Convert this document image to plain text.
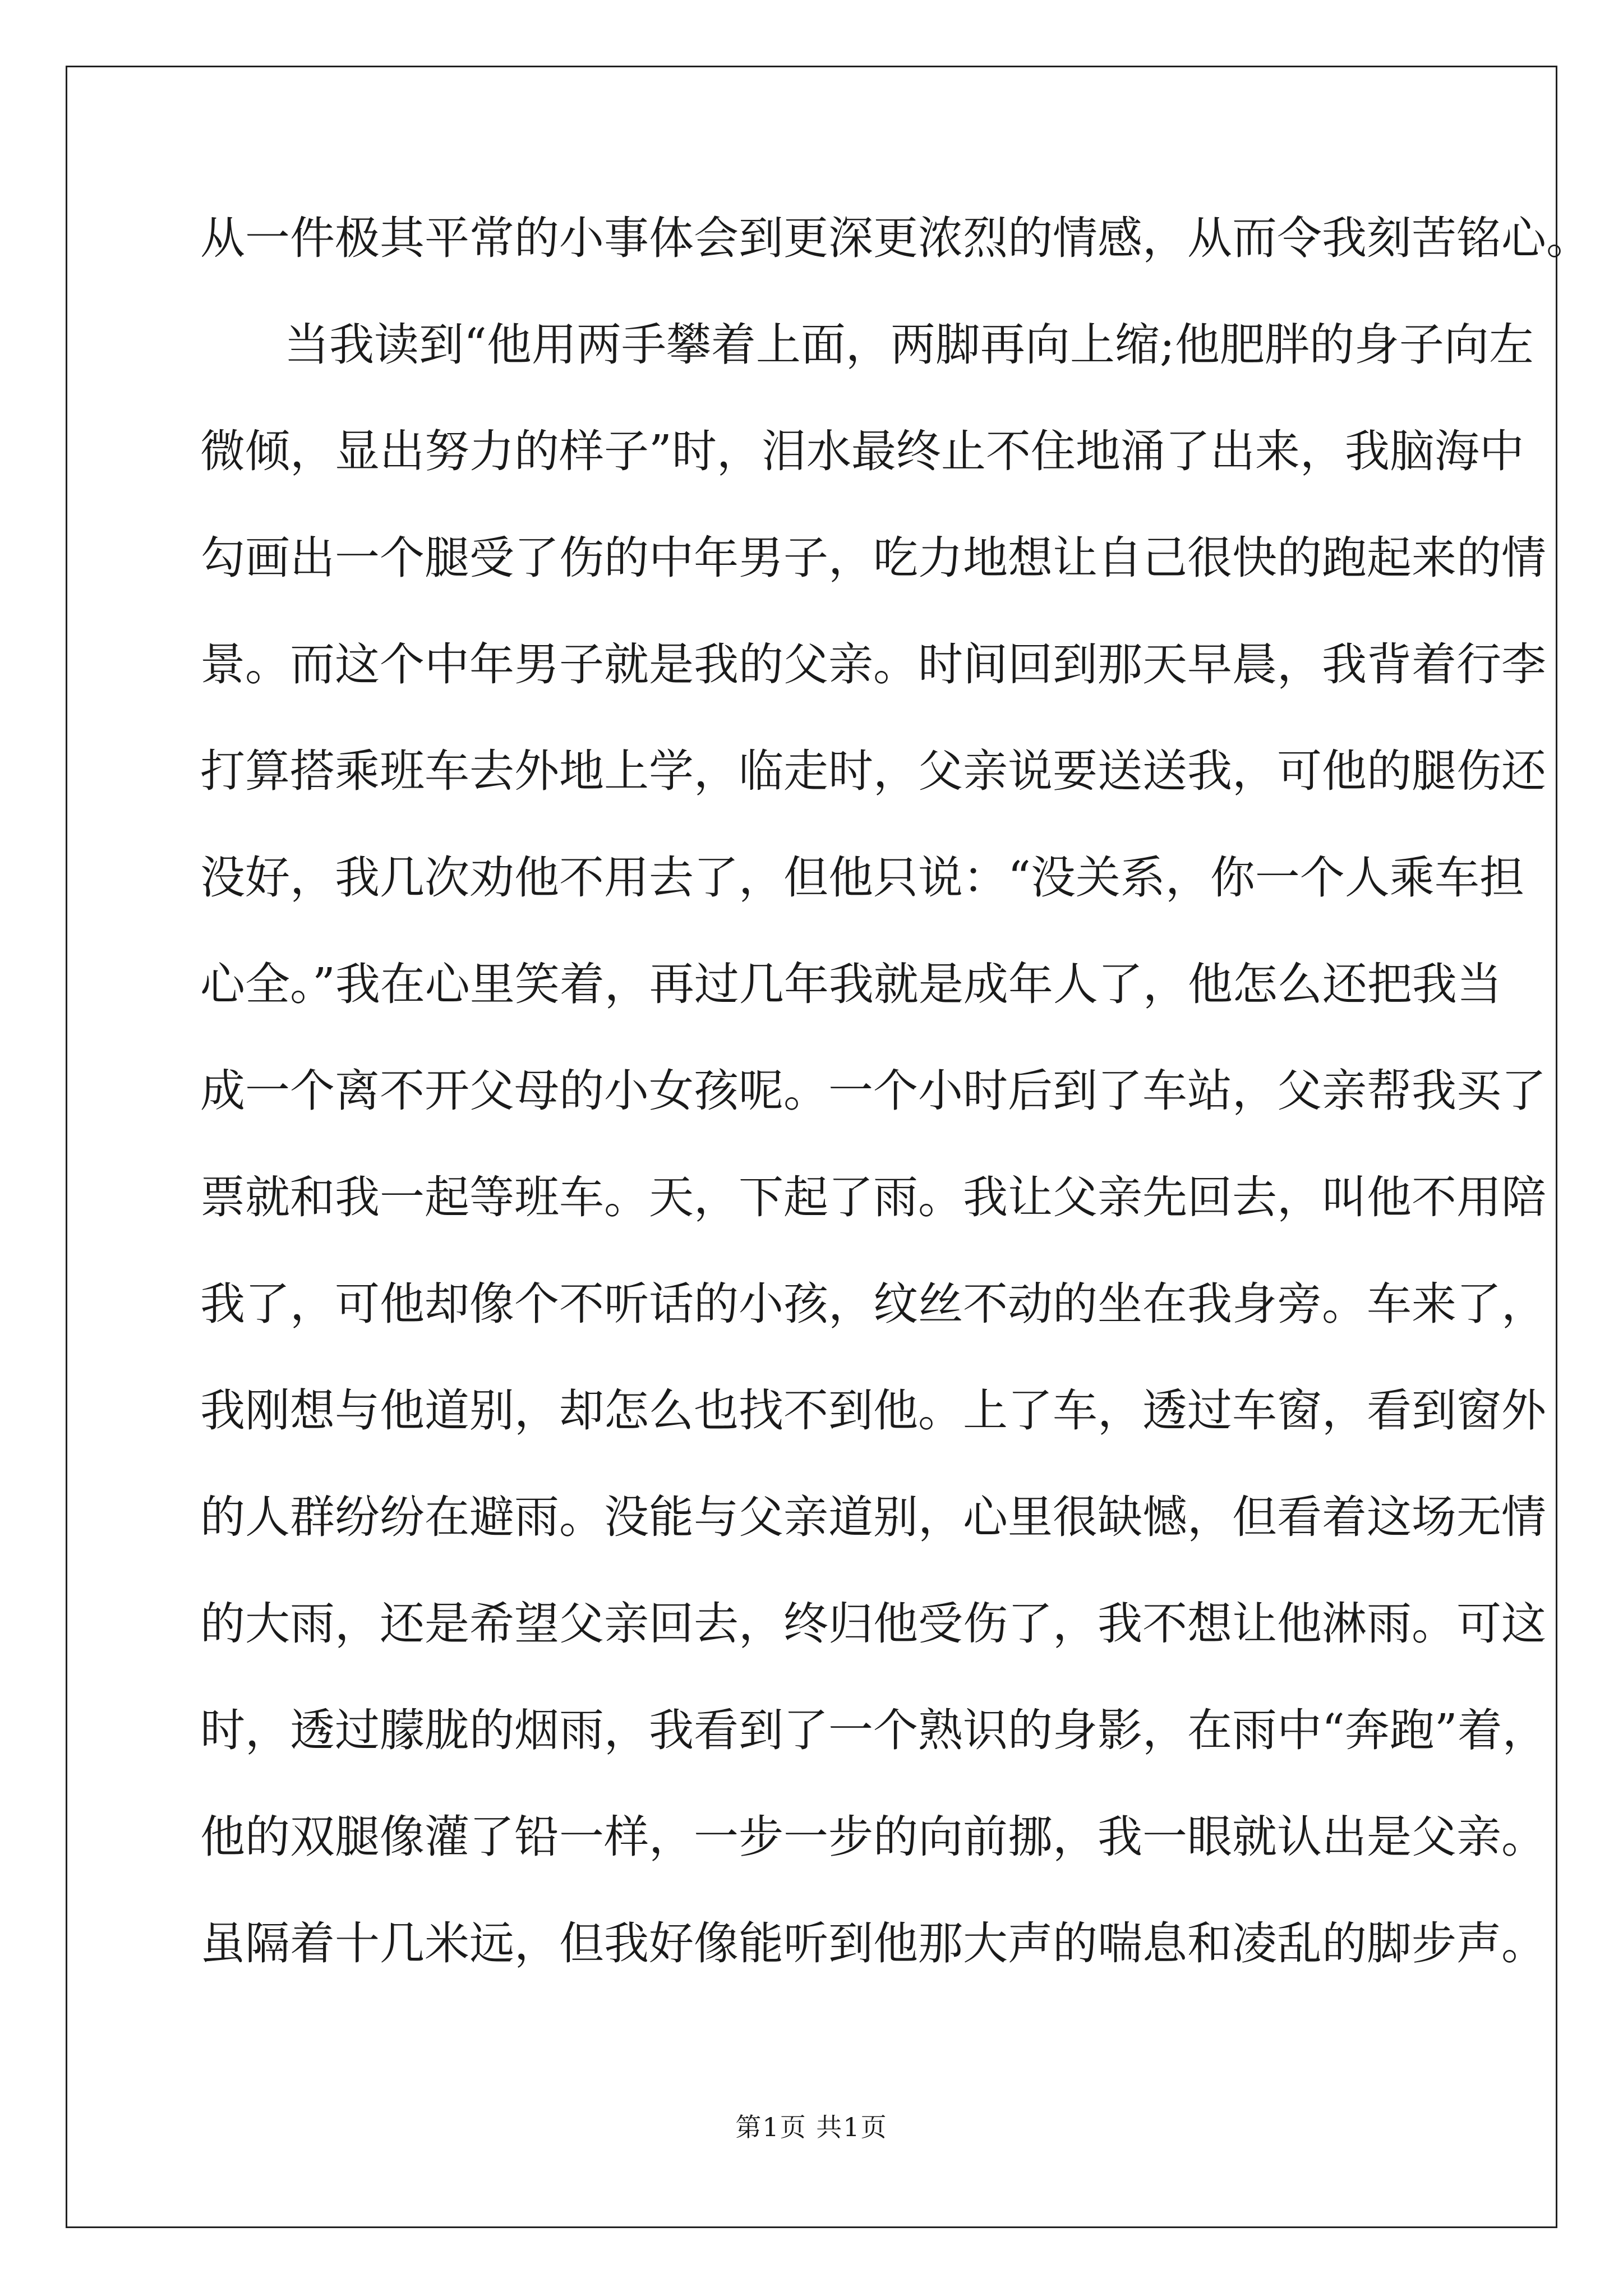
从一件极其平常的小事体会到更深更浓烈的情感，从而令我刻苦铭心。
当我读到“他用两手攀着上面，两脚再向上缩;他肥胖的身子向左
微倾，显出努力的样子”时，泪水最终止不住地涌了出来，我脑海中
勾画出一个腿受了伤的中年男子，吃力地想让自己很快的跑起来的情
景。而这个中年男子就是我的父亲。时间回到那天早晨，我背着行李
打算搭乘班车去外地上学，临走时，父亲说要送送我，可他的腿伤还
没好，我几次劝他不用去了，但他只说：“没关系，你一个人乘车担
心全。”我在心里笑着，再过几年我就是成年人了，他怎么还把我当
成一个离不开父母的小女孩呢。一个小时后到了车站，父亲帮我买了
票就和我一起等班车。天，下起了雨。我让父亲先回去，叫他不用陪
我了，可他却像个不听话的小孩，纹丝不动的坐在我身旁。车来了，
我刚想与他道别，却怎么也找不到他。上了车，透过车窗，看到窗外
的人群纷纷在避雨。没能与父亲道别，心里很缺憾，但看着这场无情
的大雨，还是希望父亲回去，终归他受伤了，我不想让他淋雨。可这
时，透过朦胧的烟雨，我看到了一个熟识的身影，在雨中“奔跑”着，
他的双腿像灌了铅一样，一步一步的向前挪，我一眼就认出是父亲。
虽隔着十几米远，但我好像能听到他那大声的喘息和凌乱的脚步声。
第1页 共1页
